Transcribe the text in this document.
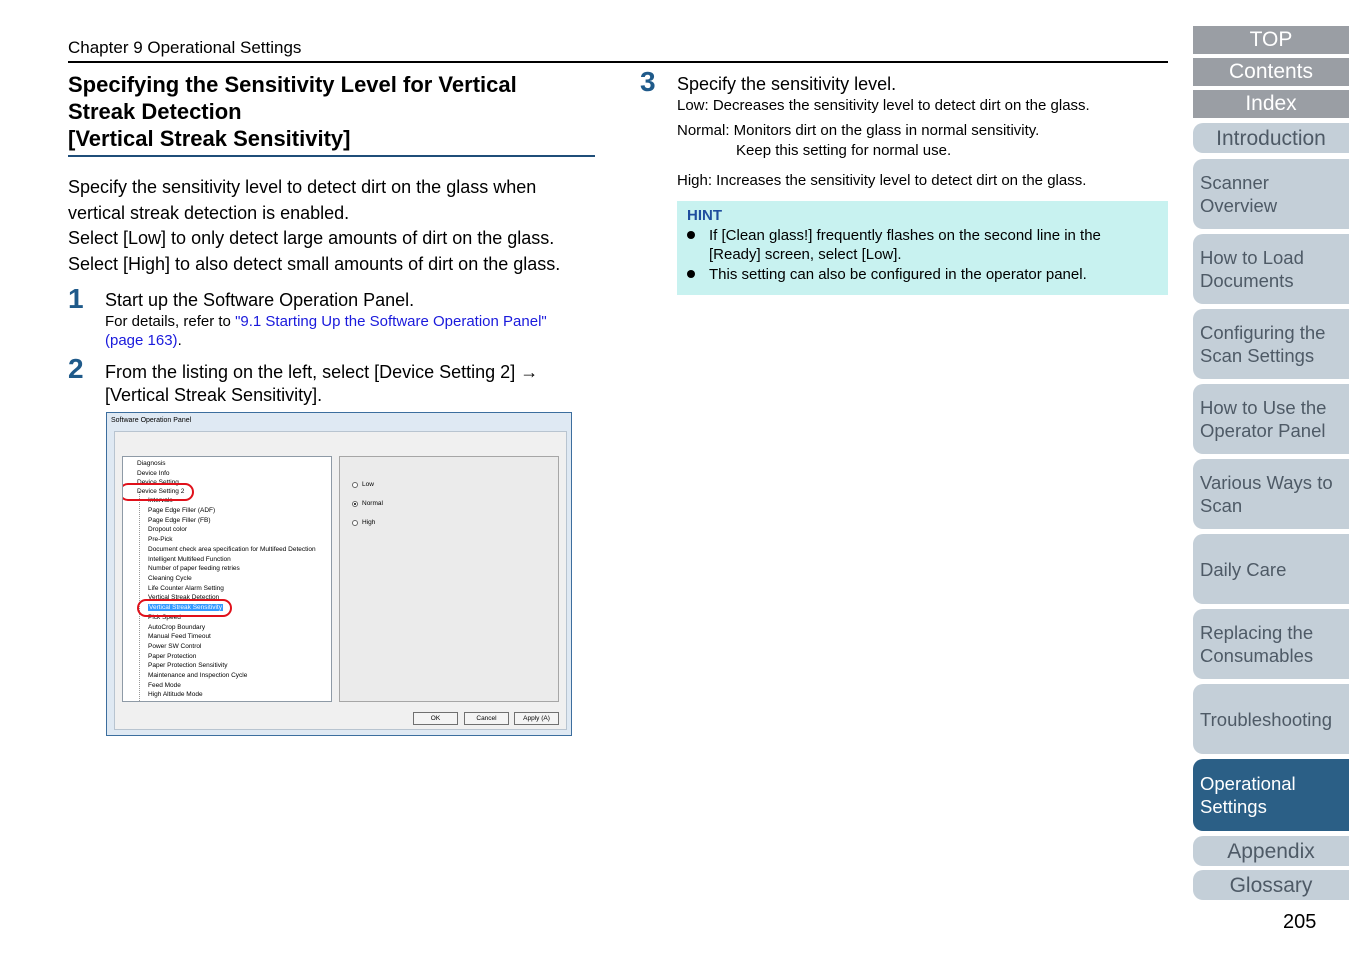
Chapter 9 Operational Settings
Specifying the Sensitivity Level for Vertical
Streak Detection
[Vertical Streak Sensitivity]
Specify the sensitivity level to detect dirt on the glass when
vertical streak detection is enabled.
Select [Low] to only detect large amounts of dirt on the glass.
Select [High] to also detect small amounts of dirt on the glass.
1 Start up the Software Operation Panel.
For details, refer to "9.1 Starting Up the Software Operation Panel"
(page 163).
2 From the listing on the left, select [Device Setting 2] →
[Vertical Streak Sensitivity].
Software Operation Panel
Diagnosis
Device Info
Device Setting
Device Setting 2
Intervals
Page Edge Filler (ADF)
Page Edge Filler (FB)
Dropout color
Pre-Pick
Document check area specification for Multifeed Detection
Intelligent Multifeed Function
Number of paper feeding retries
Cleaning Cycle
Life Counter Alarm Setting
Vertical Streak Detection
Vertical Streak Sensitivity
Pick Speed
AutoCrop Boundary
Manual Feed Timeout
Power SW Control
Paper Protection
Paper Protection Sensitivity
Maintenance and Inspection Cycle
Feed Mode
High Altitude Mode
Low
Normal
High
OK	Cancel	Apply (A)
3 Specify the sensitivity level.
Low: Decreases the sensitivity level to detect dirt on the glass.
Normal: Monitors dirt on the glass in normal sensitivity.
Keep this setting for normal use.
High: Increases the sensitivity level to detect dirt on the glass.
HINT
If [Clean glass!] frequently flashes on the second line in the
[Ready] screen, select [Low].
This setting can also be configured in the operator panel.
TOP
Contents
Index
Introduction
Scanner
Overview
How to Load
Documents
Configuring the
Scan Settings
How to Use the
Operator Panel
Various Ways to
Scan
Daily Care
Replacing the
Consumables
Troubleshooting
Operational
Settings
Appendix
Glossary
205
